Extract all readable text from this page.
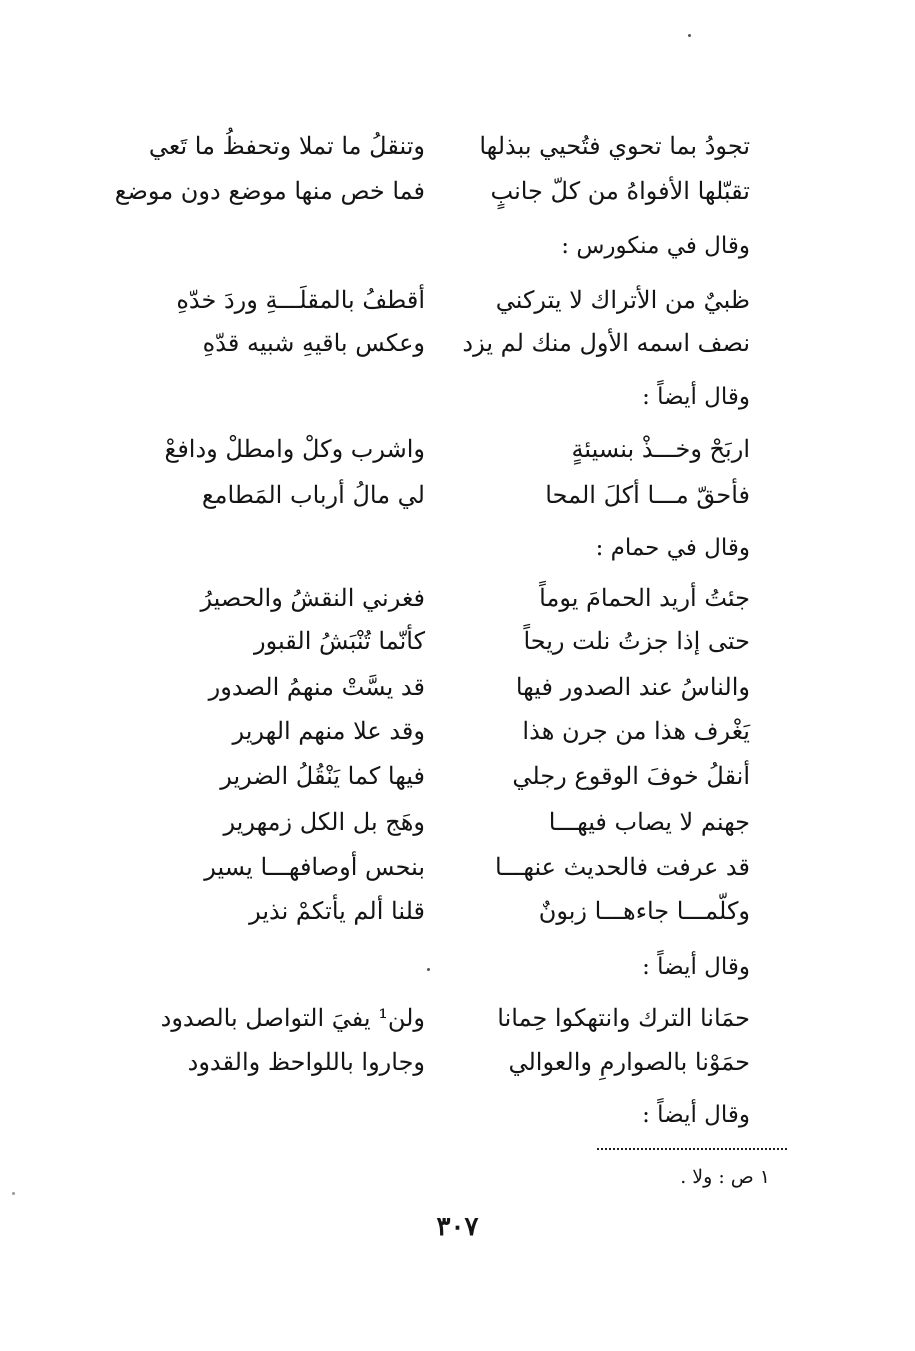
تجودُ بما تحوي فتُحيي ببذلها
وتنقلُ ما تملا وتحفظُ ما تَعي
تقبّلها الأفواهُ من كلّ جانبٍ
فما خص منها موضع دون موضع
وقال في منكورس :
ظبيٌ من الأتراك لا يتركني
أقطفُ بالمقلَـــةِ وردَ خدّهِ
نصف اسمه الأول منك لم يزد
وعكس باقيهِ شبيه قدّهِ
وقال أيضاً :
اربَحْ وخـــذْ بنسيئةٍ
واشرب وكلْ وامطلْ ودافعْ
فأحقّ مـــا أكلَ المحا
لي مالُ أرباب المَطامع
وقال في حمام :
جئتُ أريد الحمامَ يوماً
فغرني النقشُ والحصيرُ
حتى إذا جزتُ نلت ريحاً
كأنّما تُنْبَشُ القبور
والناسُ عند الصدور فيها
قد يسَّتْ منهمُ الصدور
يَغْرف هذا من جرن هذا
وقد علا منهم الهرير
أنقلُ خوفَ الوقوع رجلي
فيها كما يَنْقُلُ الضرير
جهنم لا يصاب فيهـــا
وهَج بل الكل زمهرير
قد عرفت فالحديث عنهـــا
بنحس أوصافهـــا يسير
وكلّمـــا جاءهـــا زبونٌ
قلنا ألم يأتكمْ نذير
وقال أيضاً :
حمَانا الترك وانتهكوا حِمانا
ولن¹ يفيَ التواصل بالصدود
حمَوْنا بالصوارمِ والعوالي
وجاروا باللواحظ والقدود
وقال أيضاً :
١ ص : ولا .
٣٠٧
